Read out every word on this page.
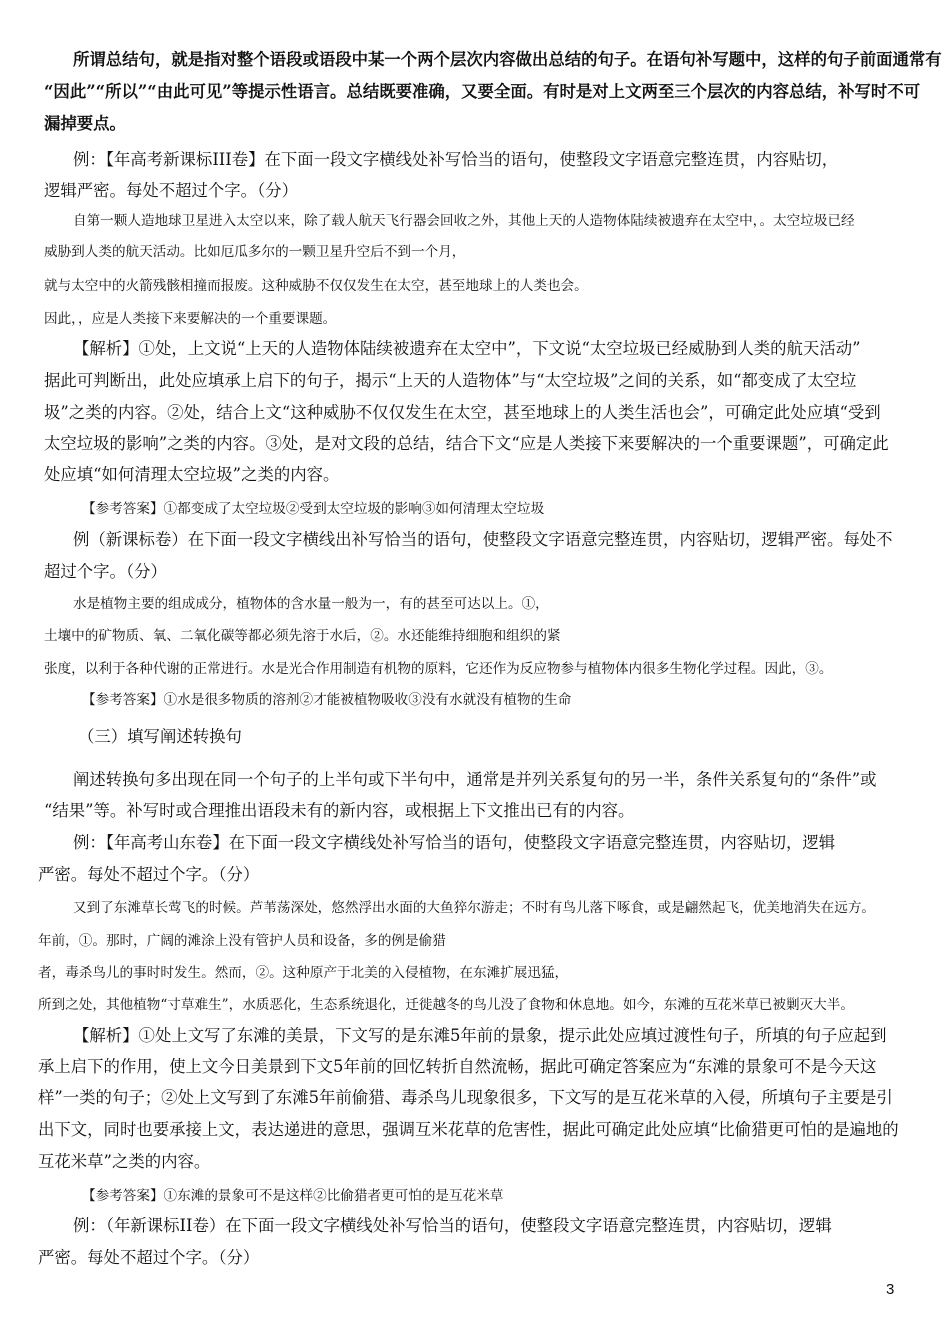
所谓总结句，就是指对整个语段或语段中某一个两个层次内容做出总结的句子。在语句补写题中，这样的句子前面通常有
“因此”“所以”“由此可见”等提示性语言。总结既要准确，又要全面。有时是对上文两至三个层次的内容总结，补写时不可
漏掉要点。
例：【年高考新课标III卷】在下面一段文字横线处补写恰当的语句，使整段文字语意完整连贯，内容贴切，
逻辑严密。每处不超过个字。（分）
自第一颗人造地球卫星进入太空以来，除了载人航天飞行器会回收之外，其他上天的人造物体陆续被遗弃在太空中，。太空垃圾已经
威胁到人类的航天活动。比如厄瓜多尔的一颗卫星升空后不到一个月，
就与太空中的火箭残骸相撞而报废。这种威胁不仅仅发生在太空，甚至地球上的人类也会。
因此，，应是人类接下来要解决的一个重要课题。
【解析】①处，上文说“上天的人造物体陆续被遗弃在太空中”，下文说“太空垃圾已经威胁到人类的航天活动”
据此可判断出，此处应填承上启下的句子，揭示“上天的人造物体”与“太空垃圾”之间的关系，如“都变成了太空垃
圾”之类的内容。②处，结合上文“这种威胁不仅仅发生在太空，甚至地球上的人类生活也会”，可确定此处应填“受到
太空垃圾的影响”之类的内容。③处，是对文段的总结，结合下文“应是人类接下来要解决的一个重要课题”，可确定此
处应填“如何清理太空垃圾”之类的内容。
【参考答案】①都变成了太空垃圾②受到太空垃圾的影响③如何清理太空垃圾
例（新课标卷）在下面一段文字横线出补写恰当的语句，使整段文字语意完整连贯，内容贴切，逻辑严密。每处不
超过个字。（分）
水是植物主要的组成成分，植物体的含水量一般为一，有的甚至可达以上。①，
土壤中的矿物质、氧、二氧化碳等都必须先溶于水后，②。水还能维持细胞和组织的紧
张度，以利于各种代谢的正常进行。水是光合作用制造有机物的原料，它还作为反应物参与植物体内很多生物化学过程。因此，③。
【参考答案】①水是很多物质的溶剂②才能被植物吸收③没有水就没有植物的生命
（三）填写阐述转换句
阐述转换句多出现在同一个句子的上半句或下半句中，通常是并列关系复句的另一半，条件关系复句的“条件”或
“结果”等。补写时或合理推出语段未有的新内容，或根据上下文推出已有的内容。
例：【年高考山东卷】在下面一段文字横线处补写恰当的语句，使整段文字语意完整连贯，内容贴切，逻辑
严密。每处不超过个字。（分）
又到了东滩草长莺飞的时候。芦苇荡深处，悠然浮出水面的大鱼猝尔游走；不时有鸟儿落下啄食，或是翩然起飞，优美地消失在远方。
年前，①。那时，广阔的滩涂上没有管护人员和设备，多的例是偷猎
者，毒杀鸟儿的事时时发生。然而，②。这种原产于北美的入侵植物，在东滩扩展迅猛，
所到之处，其他植物“寸草难生”，水质恶化，生态系统退化，迁徙越冬的鸟儿没了食物和休息地。如今，东滩的互花米草已被剿灭大半。
【解析】①处上文写了东滩的美景，下文写的是东滩5年前的景象，提示此处应填过渡性句子，所填的句子应起到
承上启下的作用，使上文今日美景到下文5年前的回忆转折自然流畅，据此可确定答案应为“东滩的景象可不是今天这
样”一类的句子；②处上文写到了东滩5年前偷猎、毒杀鸟儿现象很多，下文写的是互花米草的入侵，所填句子主要是引
出下文，同时也要承接上文，表达递进的意思，强调互米花草的危害性，据此可确定此处应填“比偷猎更可怕的是遍地的
互花米草”之类的内容。
【参考答案】①东滩的景象可不是这样②比偷猎者更可怕的是互花米草
例：（年新课标II卷）在下面一段文字横线处补写恰当的语句，使整段文字语意完整连贯，内容贴切，逻辑
严密。每处不超过个字。（分）
3
